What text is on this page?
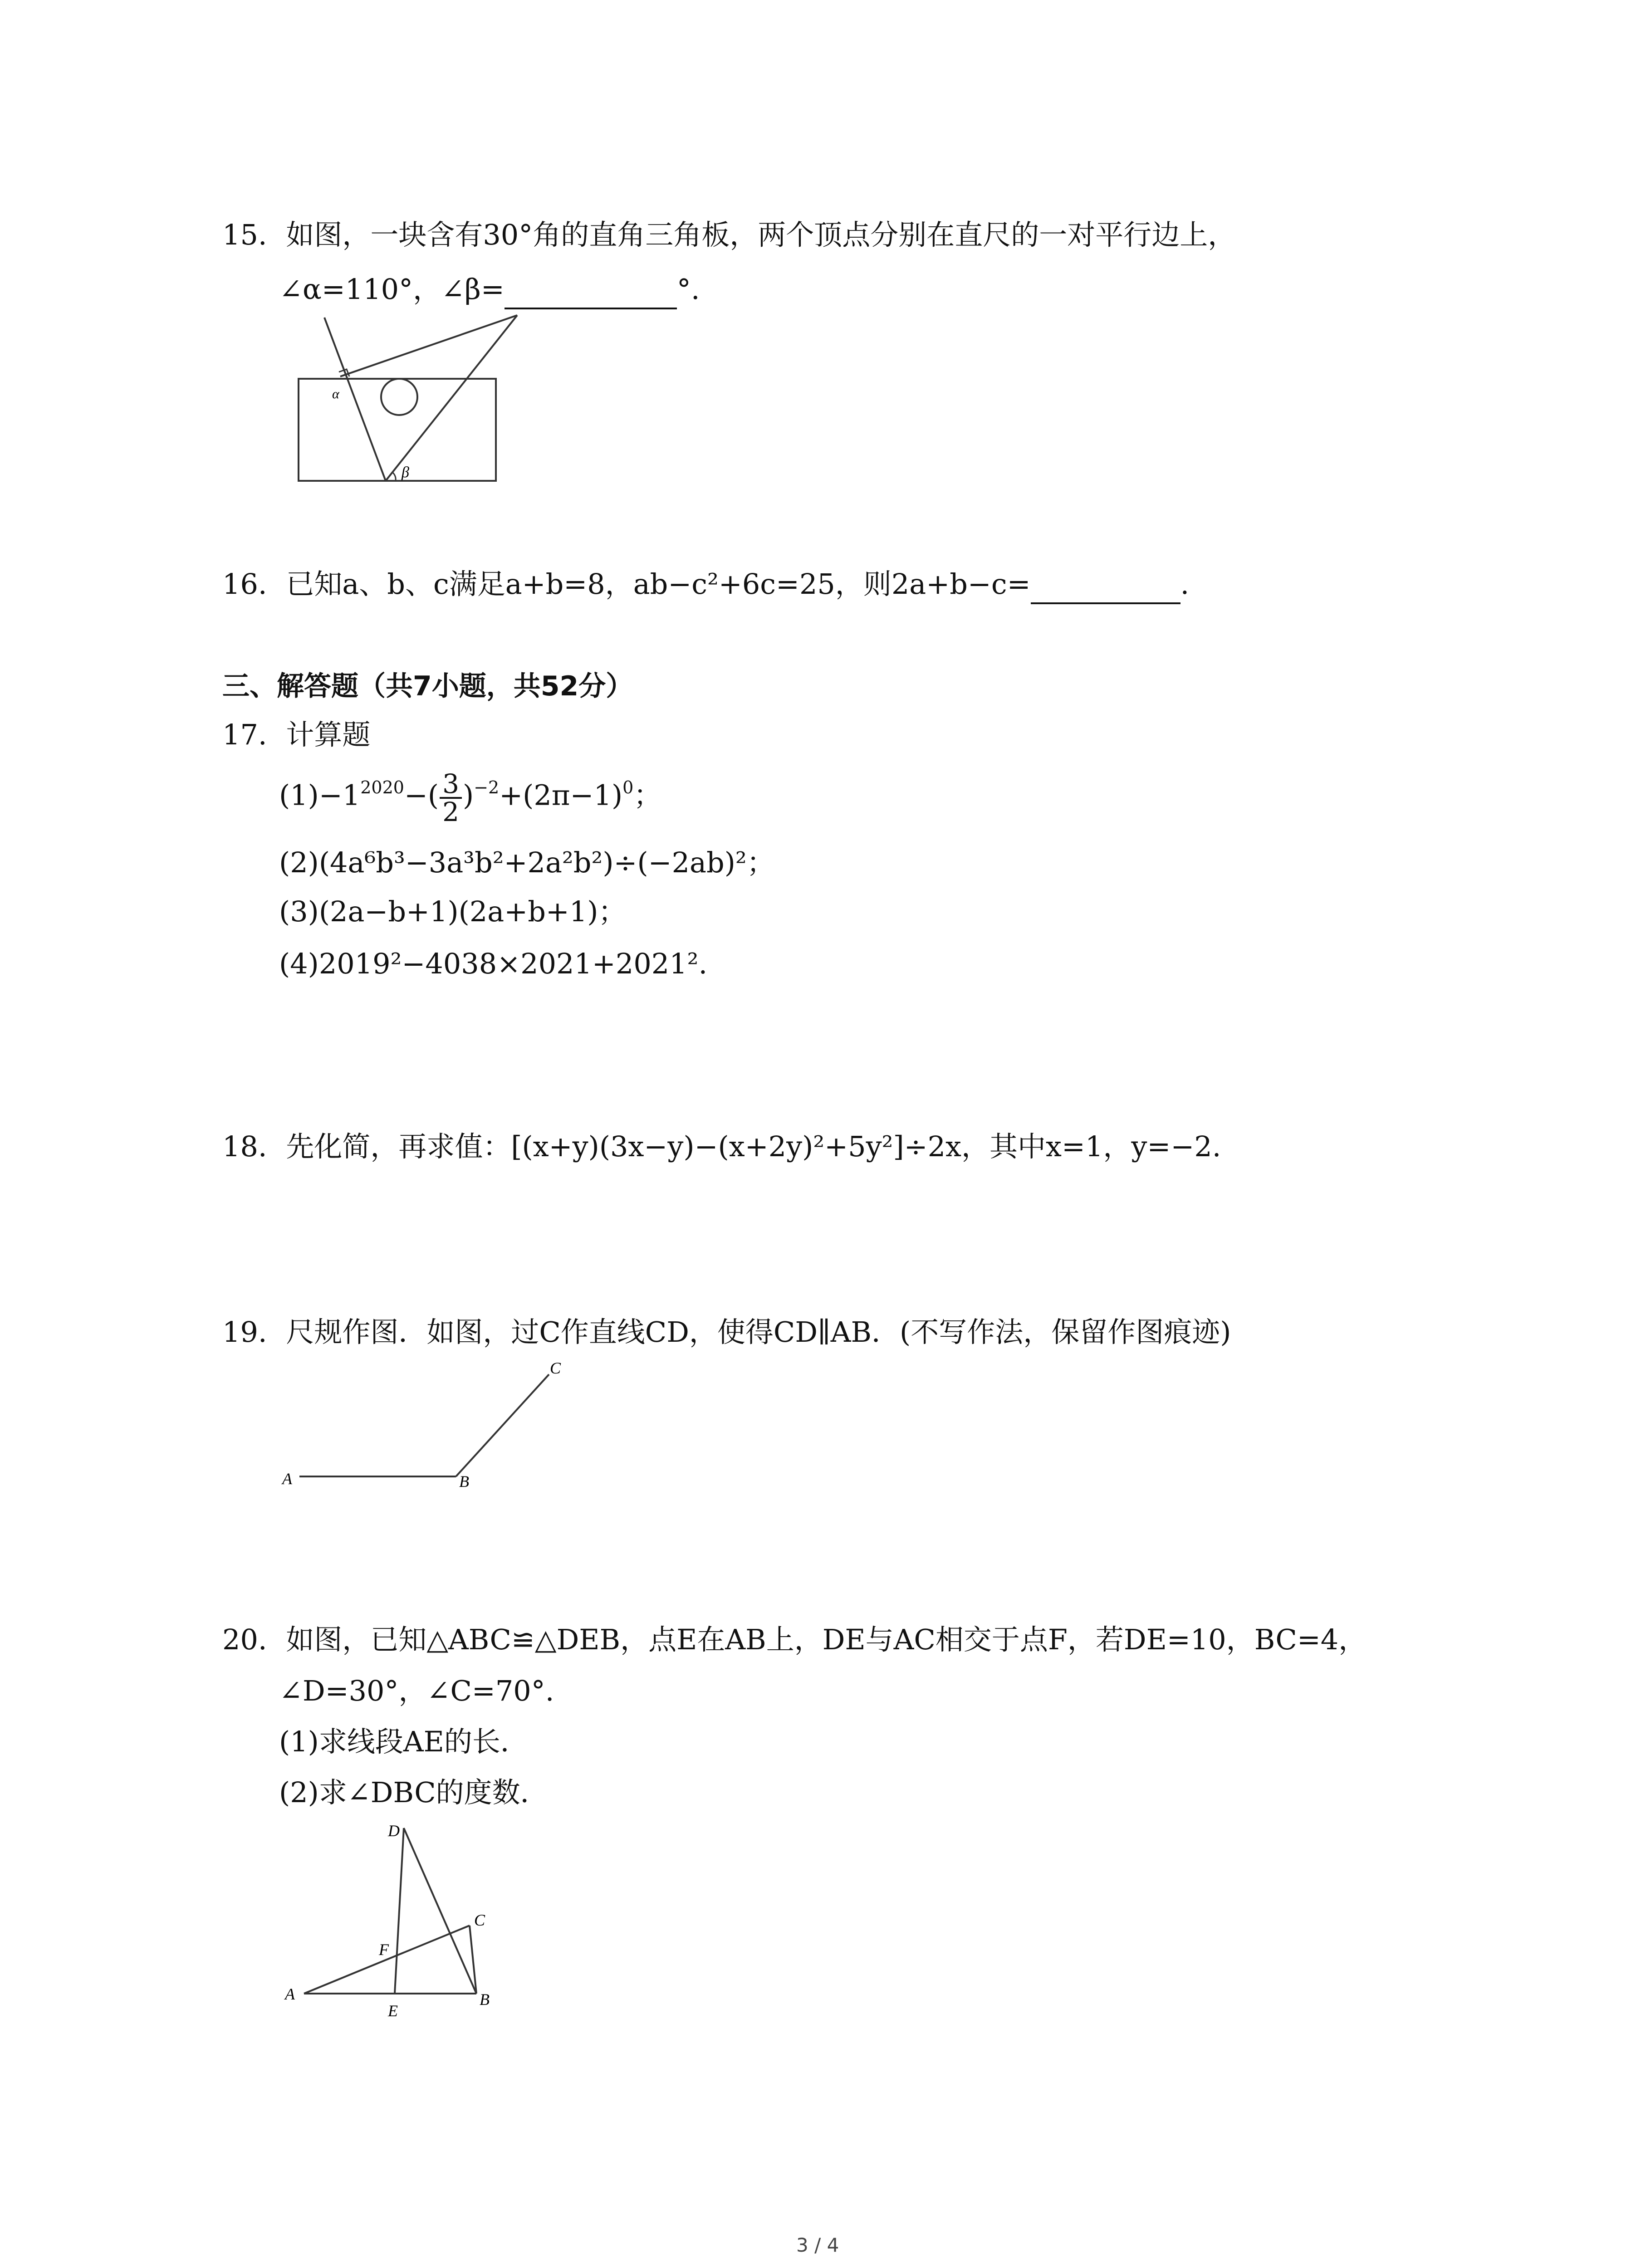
15. 如图，一块含有30°角的直角三角板，两个顶点分别在直尺的一对平行边上，
∠α=110°，∠β=	°.
α
β
16. 已知a、b、c满足a+b=8，ab−c²+6c=25，则2a+b−c=	.
三、解答题（共7小题，共52分）
17. 计算题
$(1)-1^{2020}-( \frac{3}{2} )^{-2}+(2\pi-1)^0$；
(2)(4a⁶b³−3a³b²+2a²b²)÷(−2ab)²；
(3)(2a−b+1)(2a+b+1)；
(4)2019²−4038×2021+2021².
18. 先化简，再求值：[(x+y)(3x−y)−(x+2y)²+5y²]÷2x，其中x=1，y=−2.
19. 尺规作图．如图，过C作直线CD，使得CD∥AB．(不写作法，保留作图痕迹)
A	B
C
20. 如图，已知△ABC≌△DEB，点E在AB上，DE与AC相交于点F，若DE=10，BC=4，
∠D=30°，∠C=70°.
(1)求线段AE的长．
(2)求∠DBC的度数．
D
C
F
A
E
B
3 / 4
